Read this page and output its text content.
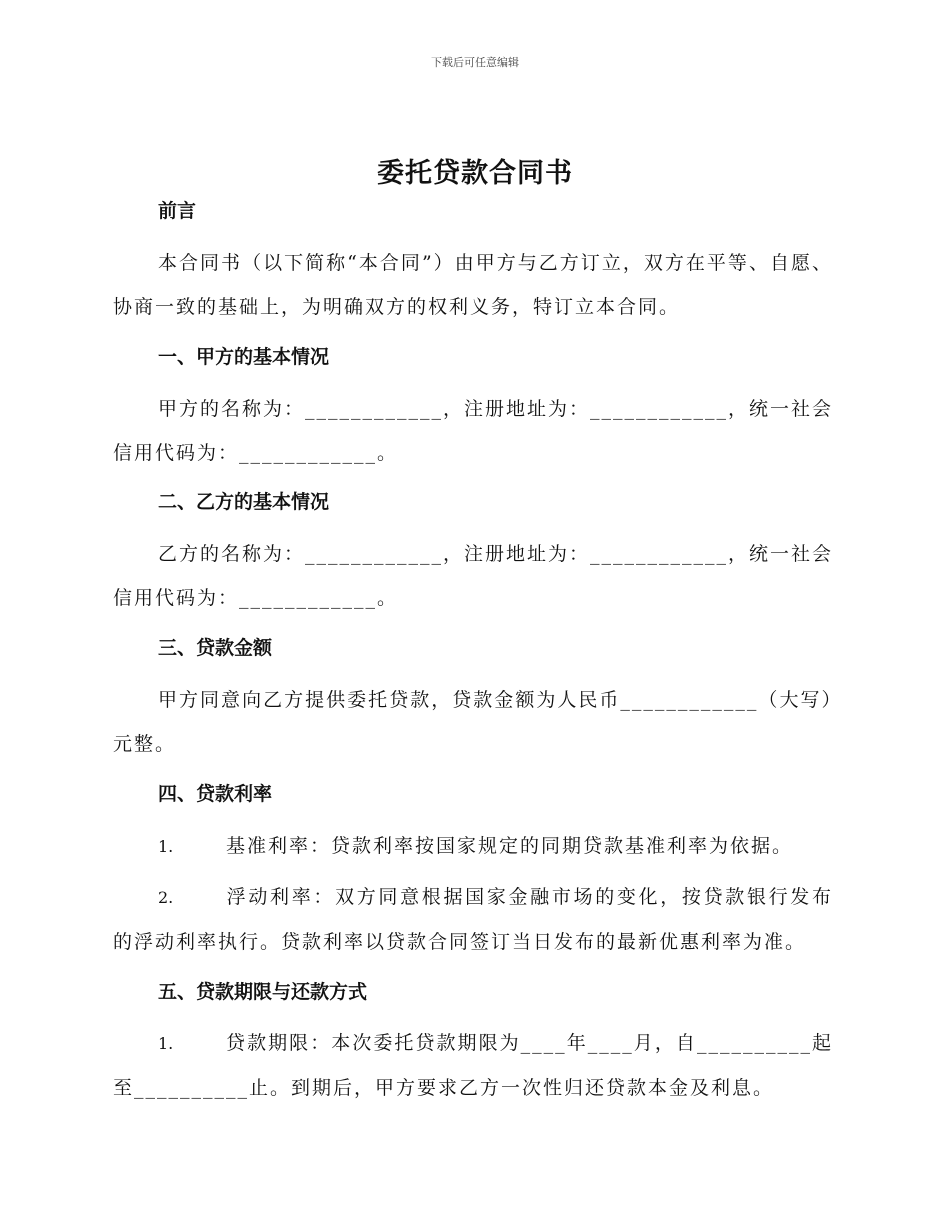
下载后可任意编辑
委托贷款合同书
前言
本合同书（以下简称“本合同”）由甲方与乙方订立，双方在平等、自愿、协商一致的基础上，为明确双方的权利义务，特订立本合同。
一、甲方的基本情况
甲方的名称为：____________，注册地址为：____________，统一社会信用代码为：____________。
二、乙方的基本情况
乙方的名称为：____________，注册地址为：____________，统一社会信用代码为：____________。
三、贷款金额
甲方同意向乙方提供委托贷款，贷款金额为人民币____________（大写）元整。
四、贷款利率
1.	基准利率：贷款利率按国家规定的同期贷款基准利率为依据。
2.	浮动利率：双方同意根据国家金融市场的变化，按贷款银行发布的浮动利率执行。贷款利率以贷款合同签订当日发布的最新优惠利率为准。
五、贷款期限与还款方式
1.	贷款期限：本次委托贷款期限为____年____月，自__________起至__________止。到期后，甲方要求乙方一次性归还贷款本金及利息。
